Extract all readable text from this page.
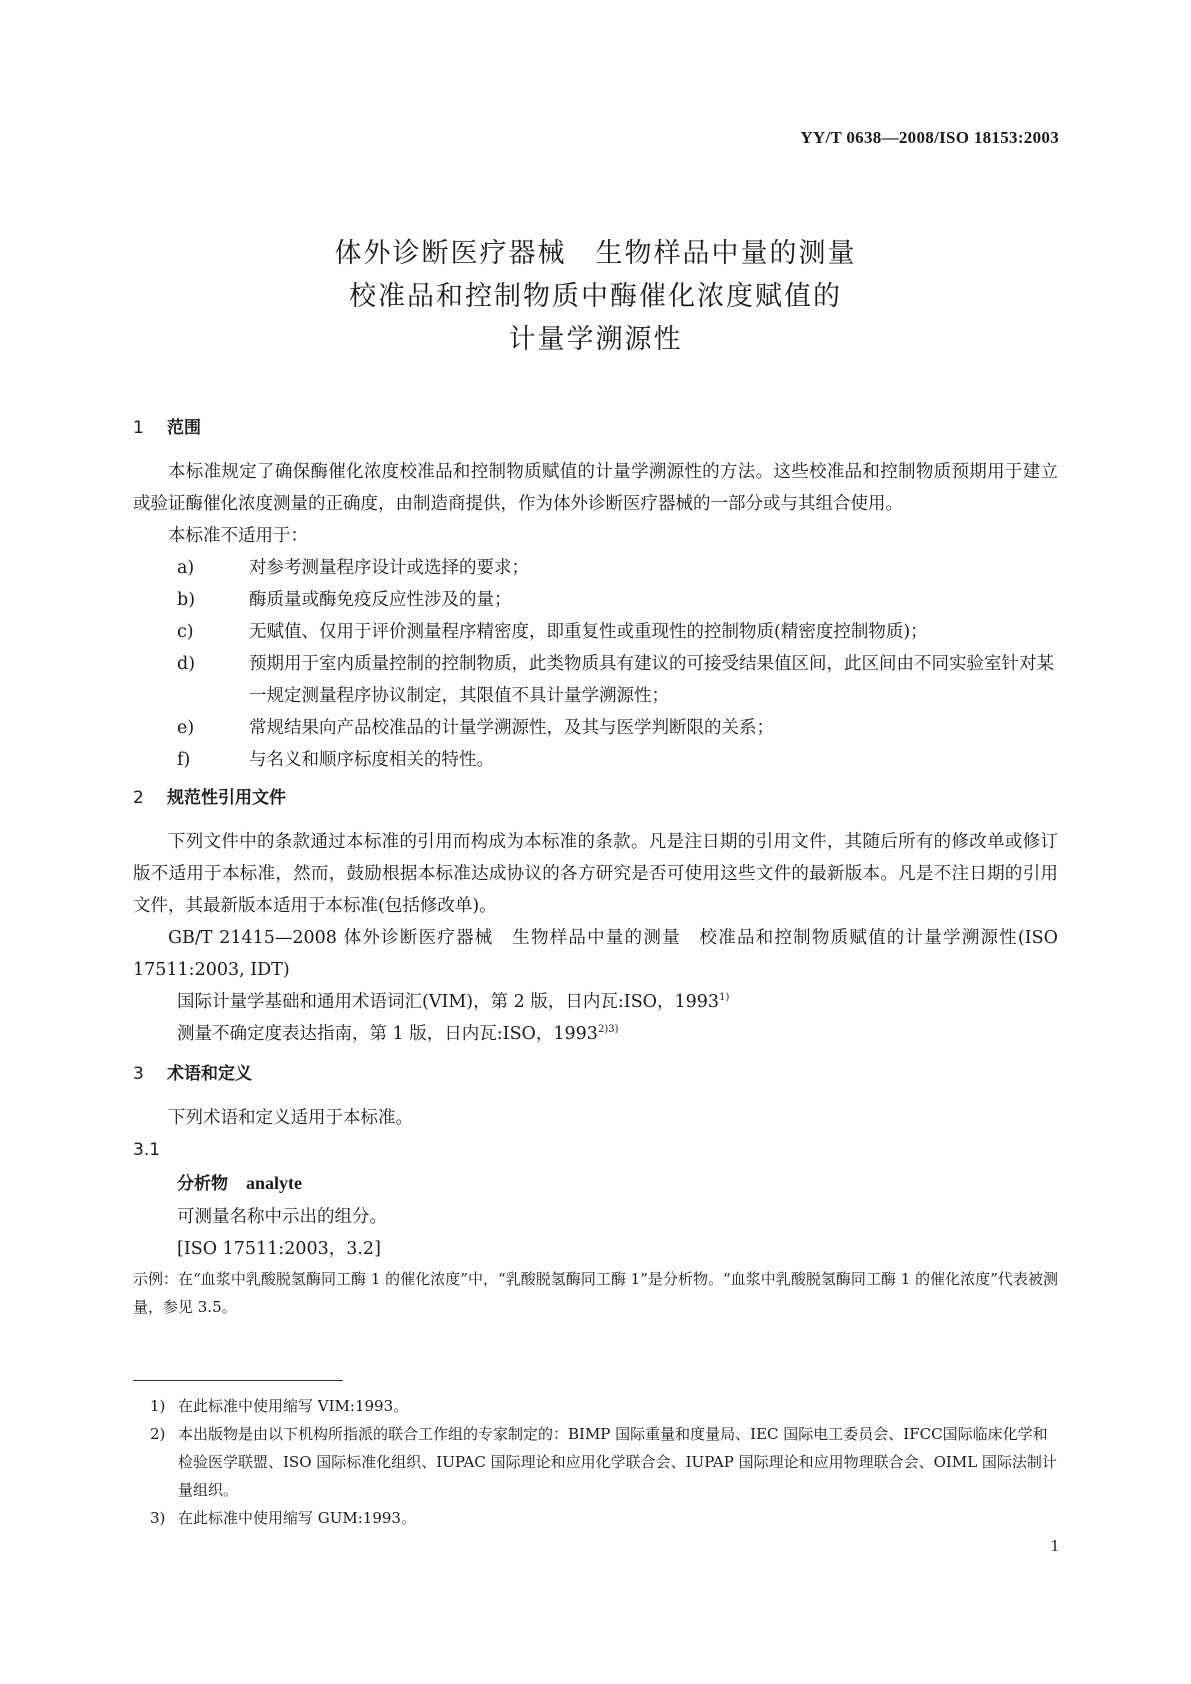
YY/T 0638—2008/ISO 18153:2003
体外诊断医疗器械　生物样品中量的测量
校准品和控制物质中酶催化浓度赋值的
计量学溯源性
1 范围

本标准规定了确保酶催化浓度校准品和控制物质赋值的计量学溯源性的方法。这些校准品和控制物质预期用于建立或验证酶催化浓度测量的正确度，由制造商提供，作为体外诊断医疗器械的一部分或与其组合使用。

本标准不适用于：

a)	对参考测量程序设计或选择的要求；
b)	酶质量或酶免疫反应性涉及的量；
c)	无赋值、仅用于评价测量程序精密度，即重复性或重现性的控制物质(精密度控制物质)；
d)	预期用于室内质量控制的控制物质，此类物质具有建议的可接受结果值区间，此区间由不同实验室针对某一规定测量程序协议制定，其限值不具计量学溯源性；
e)	常规结果向产品校准品的计量学溯源性，及其与医学判断限的关系；
f)	与名义和顺序标度相关的特性。
2 规范性引用文件

下列文件中的条款通过本标准的引用而构成为本标准的条款。凡是注日期的引用文件，其随后所有的修改单或修订版不适用于本标准，然而，鼓励根据本标准达成协议的各方研究是否可使用这些文件的最新版本。凡是不注日期的引用文件，其最新版本适用于本标准(包括修改单)。

GB/T 21415—2008 体外诊断医疗器械　生物样品中量的测量　校准品和控制物质赋值的计量学溯源性(ISO 17511:2003, IDT)

国际计量学基础和通用术语词汇(VIM)，第 2 版，日内瓦:ISO，1993$^{1)}$
测量不确定度表达指南，第 1 版，日内瓦:ISO，$1993^{2)3)}$
3 术语和定义

下列术语和定义适用于本标准。

3.1
分析物 analyte
可测量名称中示出的组分。
[ISO 17511:2003，3.2]

示例：在“血浆中乳酸脱氢酶同工酶 1 的催化浓度”中，“乳酸脱氢酶同工酶 1”是分析物。“血浆中乳酸脱氢酶同工酶 1 的催化浓度”代表被测量，参见 3.5。

1) 在此标准中使用缩写 VIM:1993。
2) 本出版物是由以下机构所指派的联合工作组的专家制定的：BIMP 国际重量和度量局、IEC 国际电工委员会、IFCC国际临床化学和检验医学联盟、ISO 国际标准化组织、IUPAC 国际理论和应用化学联合会、IUPAP 国际理论和应用物理联合会、OIML 国际法制计量组织。
3) 在此标准中使用缩写 GUM:1993。
1
